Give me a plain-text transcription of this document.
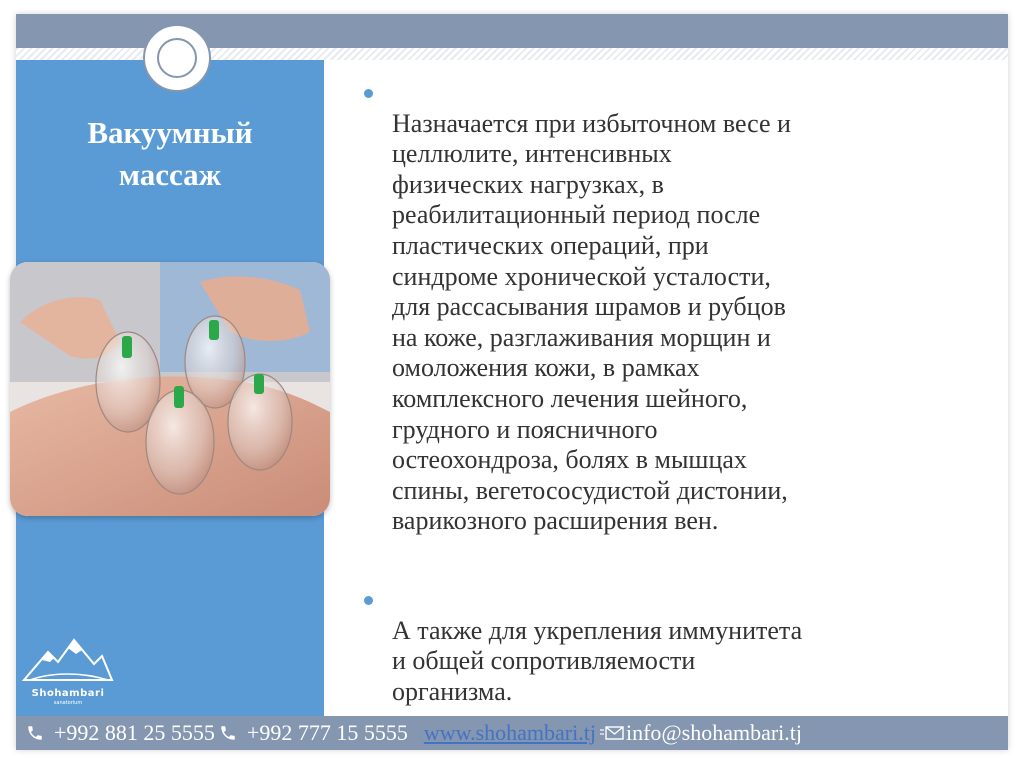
Вакуумный
массаж
Shohambari
sanatorium

Назначается при избыточном весе и
целлюлите, интенсивных
физических нагрузках, в
реабилитационный период после
пластических операций, при
синдроме хронической усталости,
для рассасывания шрамов и рубцов
на коже, разглаживания морщин и
омоложения кожи, в рамках
комплексного лечения шейного,
грудного и поясничного
остеохондроза, болях в мышцах
спины, вегетососудистой дистонии,
варикозного расширения вен.

А также для укрепления иммунитета
и общей сопротивляемости
организма.

+992 881 25 5555 +992 777 15 5555 www.shohambari.tj info@shohambari.tj
